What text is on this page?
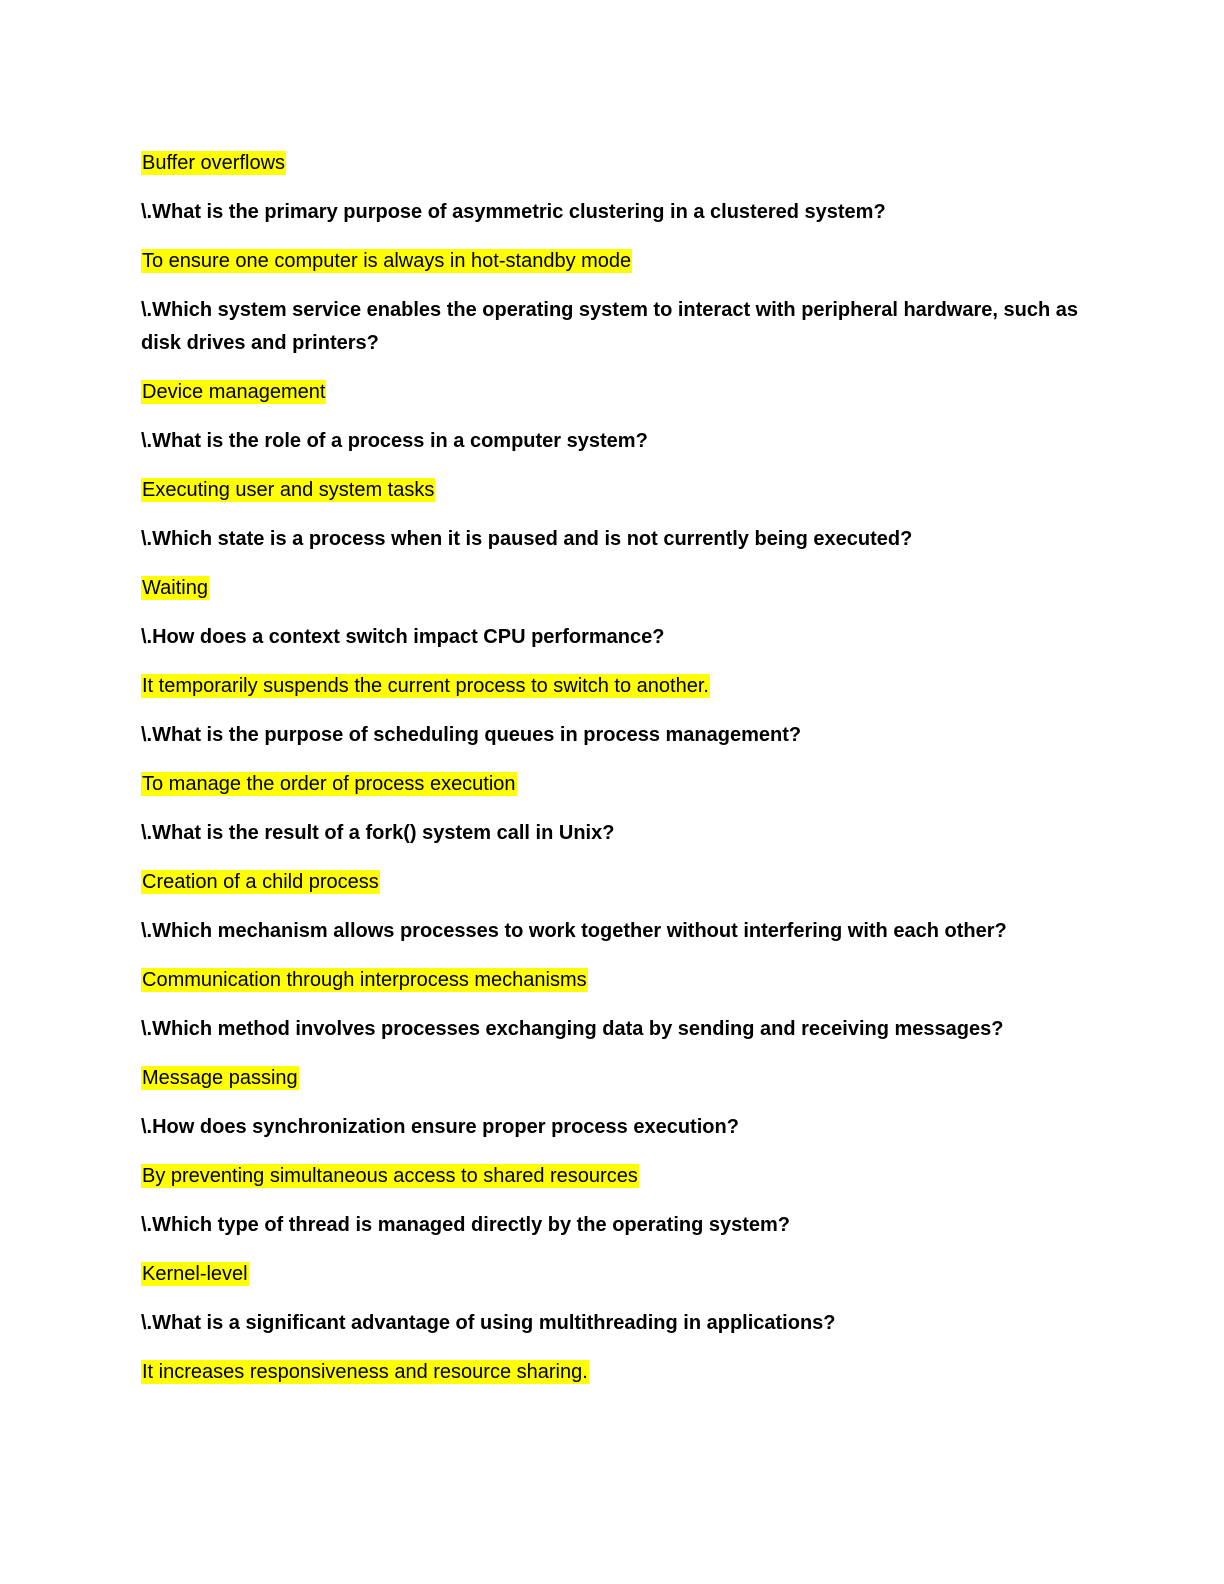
Buffer overflows

\.What is the primary purpose of asymmetric clustering in a clustered system?

To ensure one computer is always in hot-standby mode

\.Which system service enables the operating system to interact with peripheral hardware, such as disk drives and printers?

Device management

\.What is the role of a process in a computer system?

Executing user and system tasks

\.Which state is a process when it is paused and is not currently being executed?

Waiting

\.How does a context switch impact CPU performance?

It temporarily suspends the current process to switch to another.

\.What is the purpose of scheduling queues in process management?

To manage the order of process execution

\.What is the result of a fork() system call in Unix?

Creation of a child process

\.Which mechanism allows processes to work together without interfering with each other?

Communication through interprocess mechanisms

\.Which method involves processes exchanging data by sending and receiving messages?

Message passing

\.How does synchronization ensure proper process execution?

By preventing simultaneous access to shared resources

\.Which type of thread is managed directly by the operating system?

Kernel-level

\.What is a significant advantage of using multithreading in applications?

It increases responsiveness and resource sharing.
